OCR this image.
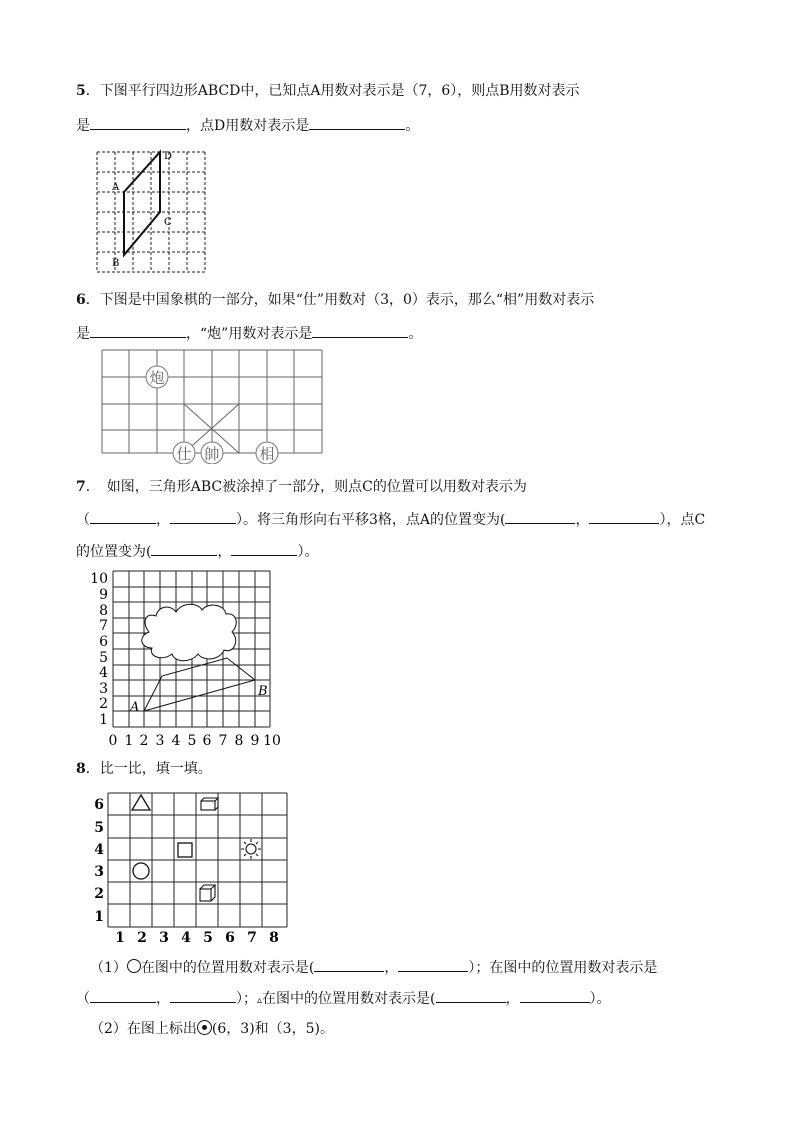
5．下图平行四边形ABCD中，已知点A用数对表示是（7，6），则点B用数对表示
是	，点D用数对表示是	。
A
B
C
D
6．下图是中国象棋的一部分，如果“仕”用数对（3，0）表示，那么“相”用数对表示
是	，“炮”用数对表示是	。
炮
仕 帥	相
7．　如图，三角形ABC被涂掉了一部分，则点C的位置可以用数对表示为
（	，	）。将三角形向右平移3格，点A的位置变为(	，	），点C
的位置变为(	，	）。
A
B
1
2
3
4
5
6
7
8
9
10
0 1 2 3 4 5 6 7 8 9 10
8．比一比，填一填。
1
2
3
4
5
6
1 2 3 4 5 6 7 8
（1） 在图中的位置用数对表示是(	，	）；在图中的位置用数对表示是
（	，	）；▵在图中的位置用数对表示是(	，	）。
（2）在图上标出 (6，3)和（3，5)。
